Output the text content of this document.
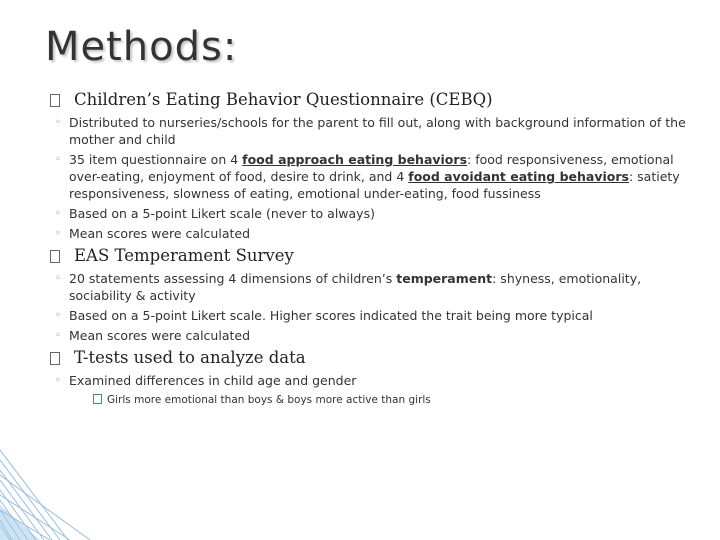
Methods:
Children’s Eating Behavior Questionnaire (CEBQ)
◦ Distributed to nurseries/schools for the parent to fill out, along with background information of the mother and child
◦ 35 item questionnaire on 4 food approach eating behaviors: food responsiveness, emotional over-eating, enjoyment of food, desire to drink, and 4 food avoidant eating behaviors: satiety responsiveness, slowness of eating, emotional under-eating, food fussiness
◦ Based on a 5-point Likert scale (never to always)
◦ Mean scores were calculated
EAS Temperament Survey
◦ 20 statements assessing 4 dimensions of children’s temperament: shyness, emotionality, sociability & activity
◦ Based on a 5-point Likert scale. Higher scores indicated the trait being more typical
◦ Mean scores were calculated
T-tests used to analyze data
◦ Examined differences in child age and gender
Girls more emotional than boys & boys more active than girls
